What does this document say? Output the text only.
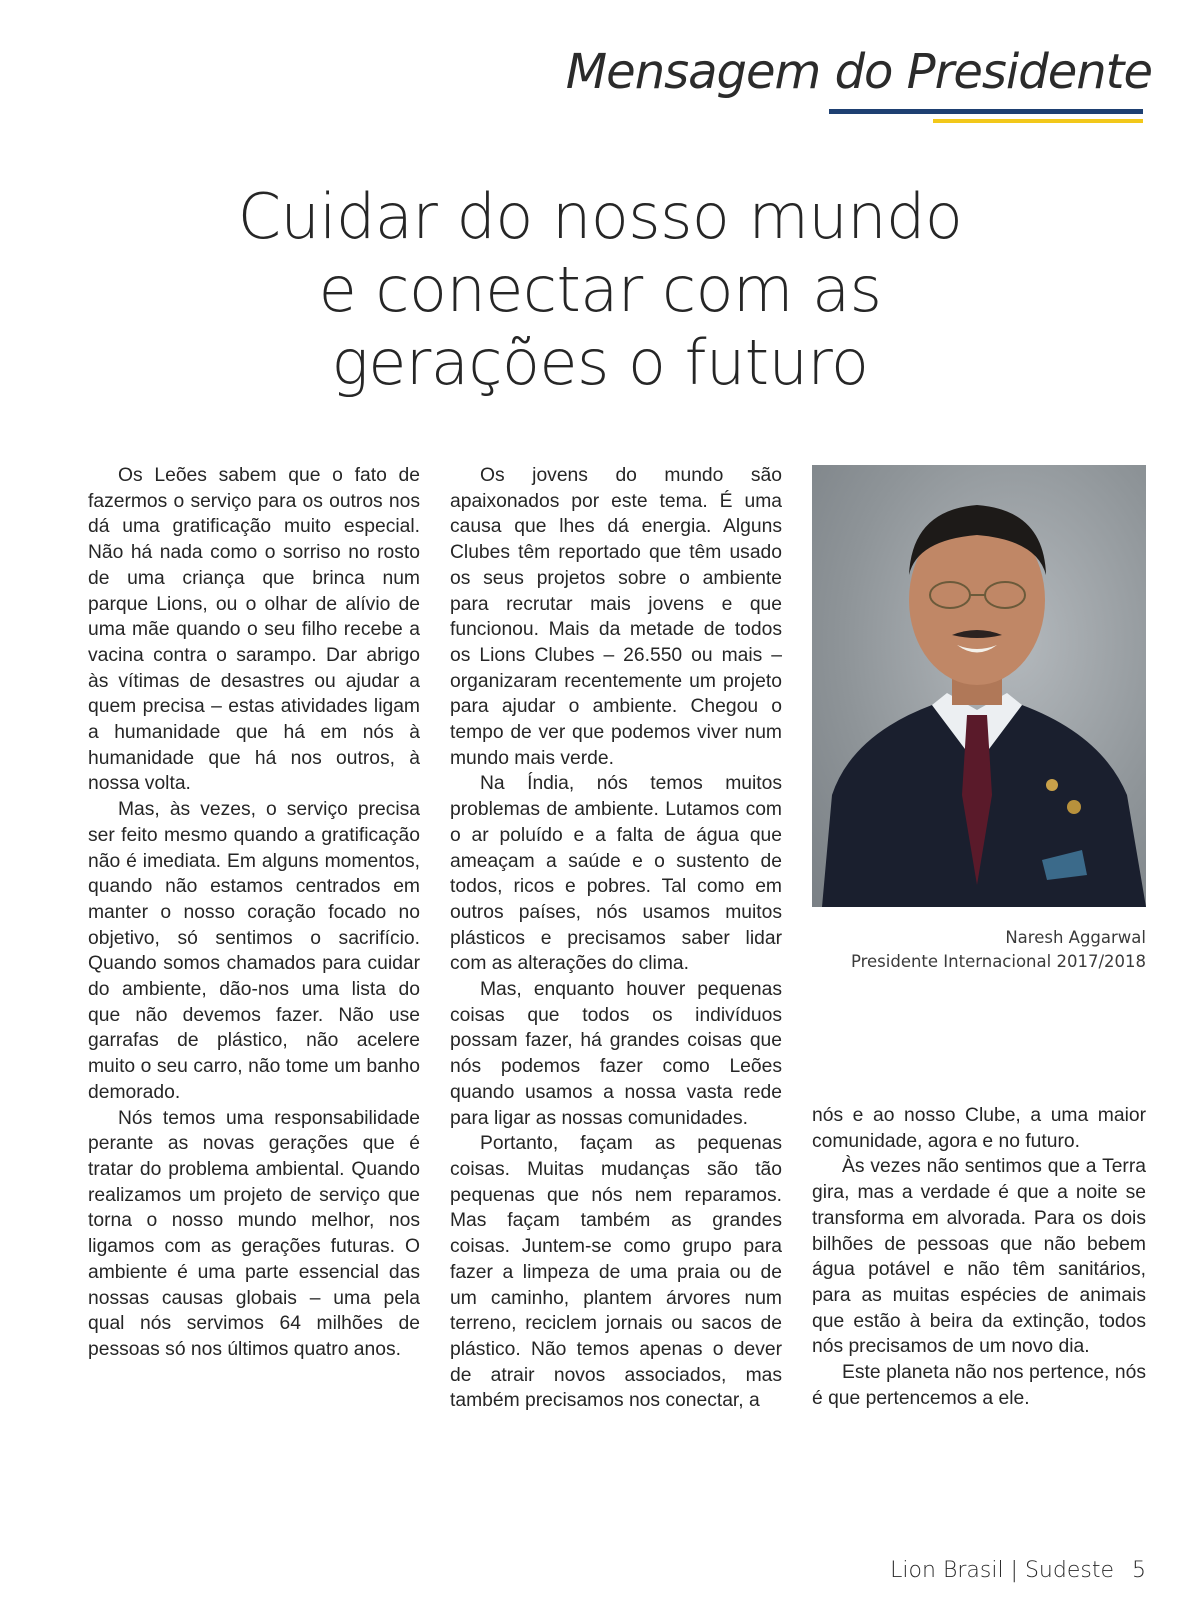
Mensagem do Presidente
Cuidar do nosso mundo
e conectar com as
gerações o futuro

Os Leões sabem que o fato de fazermos o serviço para os outros nos dá uma gratificação muito especial. Não há nada como o sorriso no rosto de uma criança que brinca num parque Lions, ou o olhar de alívio de uma mãe quando o seu filho recebe a vacina contra o sarampo. Dar abrigo às vítimas de desastres ou ajudar a quem precisa – estas atividades ligam a humanidade que há em nós à humanidade que há nos outros, à nossa volta.

Mas, às vezes, o serviço precisa ser feito mesmo quando a gratificação não é imediata. Em alguns momentos, quando não estamos centrados em manter o nosso coração focado no objetivo, só sentimos o sacrifício. Quando somos chamados para cuidar do ambiente, dão-nos uma lista do que não devemos fazer. Não use garrafas de plástico, não acelere muito o seu carro, não tome um banho demorado.

Nós temos uma responsabilidade perante as novas gerações que é tratar do problema ambiental. Quando realizamos um projeto de serviço que torna o nosso mundo melhor, nos ligamos com as gerações futuras. O ambiente é uma parte essencial das nossas causas globais – uma pela qual nós servimos 64 milhões de pessoas só nos últimos quatro anos.

Os jovens do mundo são apaixonados por este tema. É uma causa que lhes dá energia. Alguns Clubes têm reportado que têm usado os seus projetos sobre o ambiente para recrutar mais jovens e que funcionou. Mais da metade de todos os Lions Clubes – 26.550 ou mais – organizaram recentemente um projeto para ajudar o ambiente. Chegou o tempo de ver que podemos viver num mundo mais verde.

Na Índia, nós temos muitos problemas de ambiente. Lutamos com o ar poluído e a falta de água que ameaçam a saúde e o sustento de todos, ricos e pobres. Tal como em outros países, nós usamos muitos plásticos e precisamos saber lidar com as alterações do clima.

Mas, enquanto houver pequenas coisas que todos os indivíduos possam fazer, há grandes coisas que nós podemos fazer como Leões quando usamos a nossa vasta rede para ligar as nossas comunidades.

Portanto, façam as pequenas coisas. Muitas mudanças são tão pequenas que nós nem reparamos. Mas façam também as grandes coisas. Juntem-se como grupo para fazer a limpeza de uma praia ou de um caminho, plantem árvores num terreno, reciclem jornais ou sacos de plástico. Não temos apenas o dever de atrair novos associados, mas também precisamos nos conectar, a

Naresh Aggarwal
Presidente Internacional 2017/2018

nós e ao nosso Clube, a uma maior comunidade, agora e no futuro.

Às vezes não sentimos que a Terra gira, mas a verdade é que a noite se transforma em alvorada. Para os dois bilhões de pessoas que não bebem água potável e não têm sanitários, para as muitas espécies de animais que estão à beira da extinção, todos nós precisamos de um novo dia.

Este planeta não nos pertence, nós é que pertencemos a ele.

Lion Brasil | Sudeste 5
